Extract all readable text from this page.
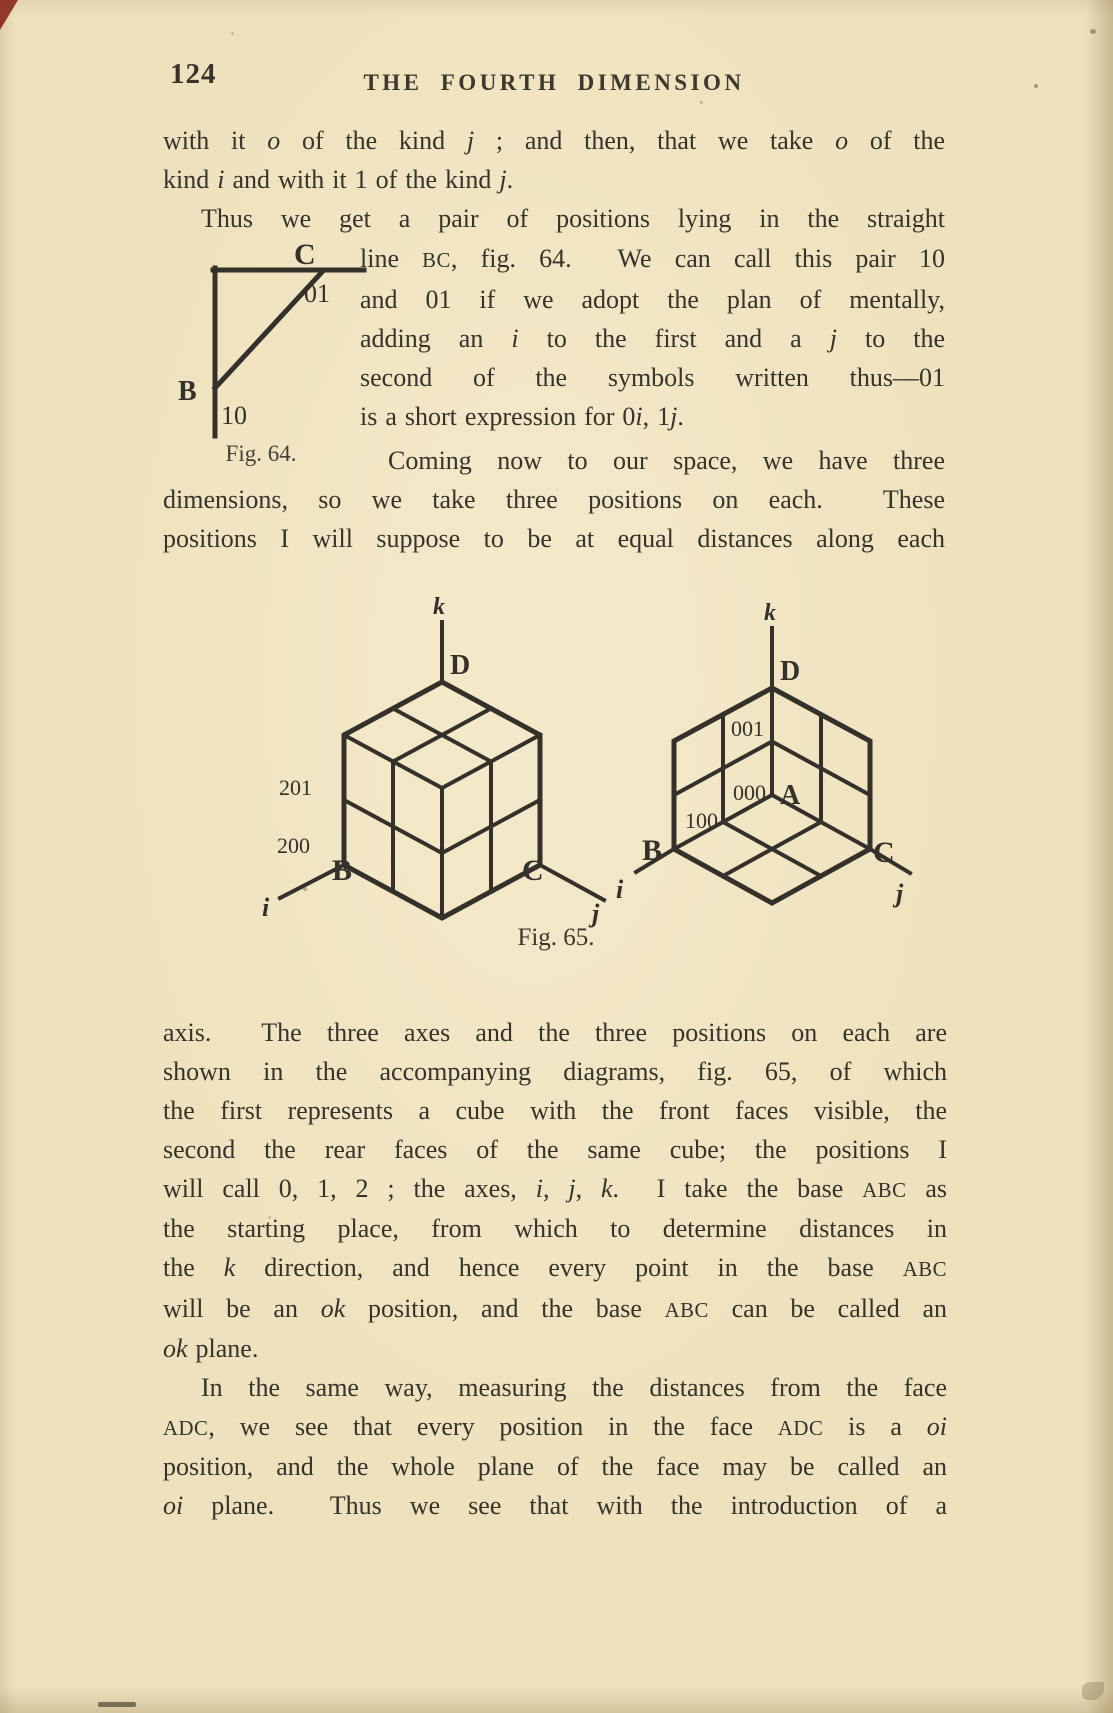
124	THE FOURTH DIMENSION
with it o of the kind j ; and then, that we take o of the
kind i and with it 1 of the kind j.
Thus we get a pair of positions lying in the straight
C
01
B
10
Fig. 64.
line BC, fig. 64.  We can call this pair 10
and 01 if we adopt the plan of mentally,
adding an i to the first and a j to the
second of the symbols written thus—01
is a short expression for 0i, 1j.
Coming now to our space, we have three
dimensions, so we take three positions on each.  These
positions I will suppose to be at equal distances along each
k
D
201
200
B	C
i	j
k
D
001
000 A
100
B	C
i	j
Fig. 65.
axis.  The three axes and the three positions on each are
shown in the accompanying diagrams, fig. 65, of which
the first represents a cube with the front faces visible, the
second the rear faces of the same cube; the positions I
will call 0, 1, 2 ; the axes, i, j, k.  I take the base ABC as
the starting place, from which to determine distances in
the k direction, and hence every point in the base ABC
will be an ok position, and the base ABC can be called an
ok plane.
In the same way, measuring the distances from the face
ADC, we see that every position in the face ADC is a oi
position, and the whole plane of the face may be called an
oi plane.  Thus we see that with the introduction of a
